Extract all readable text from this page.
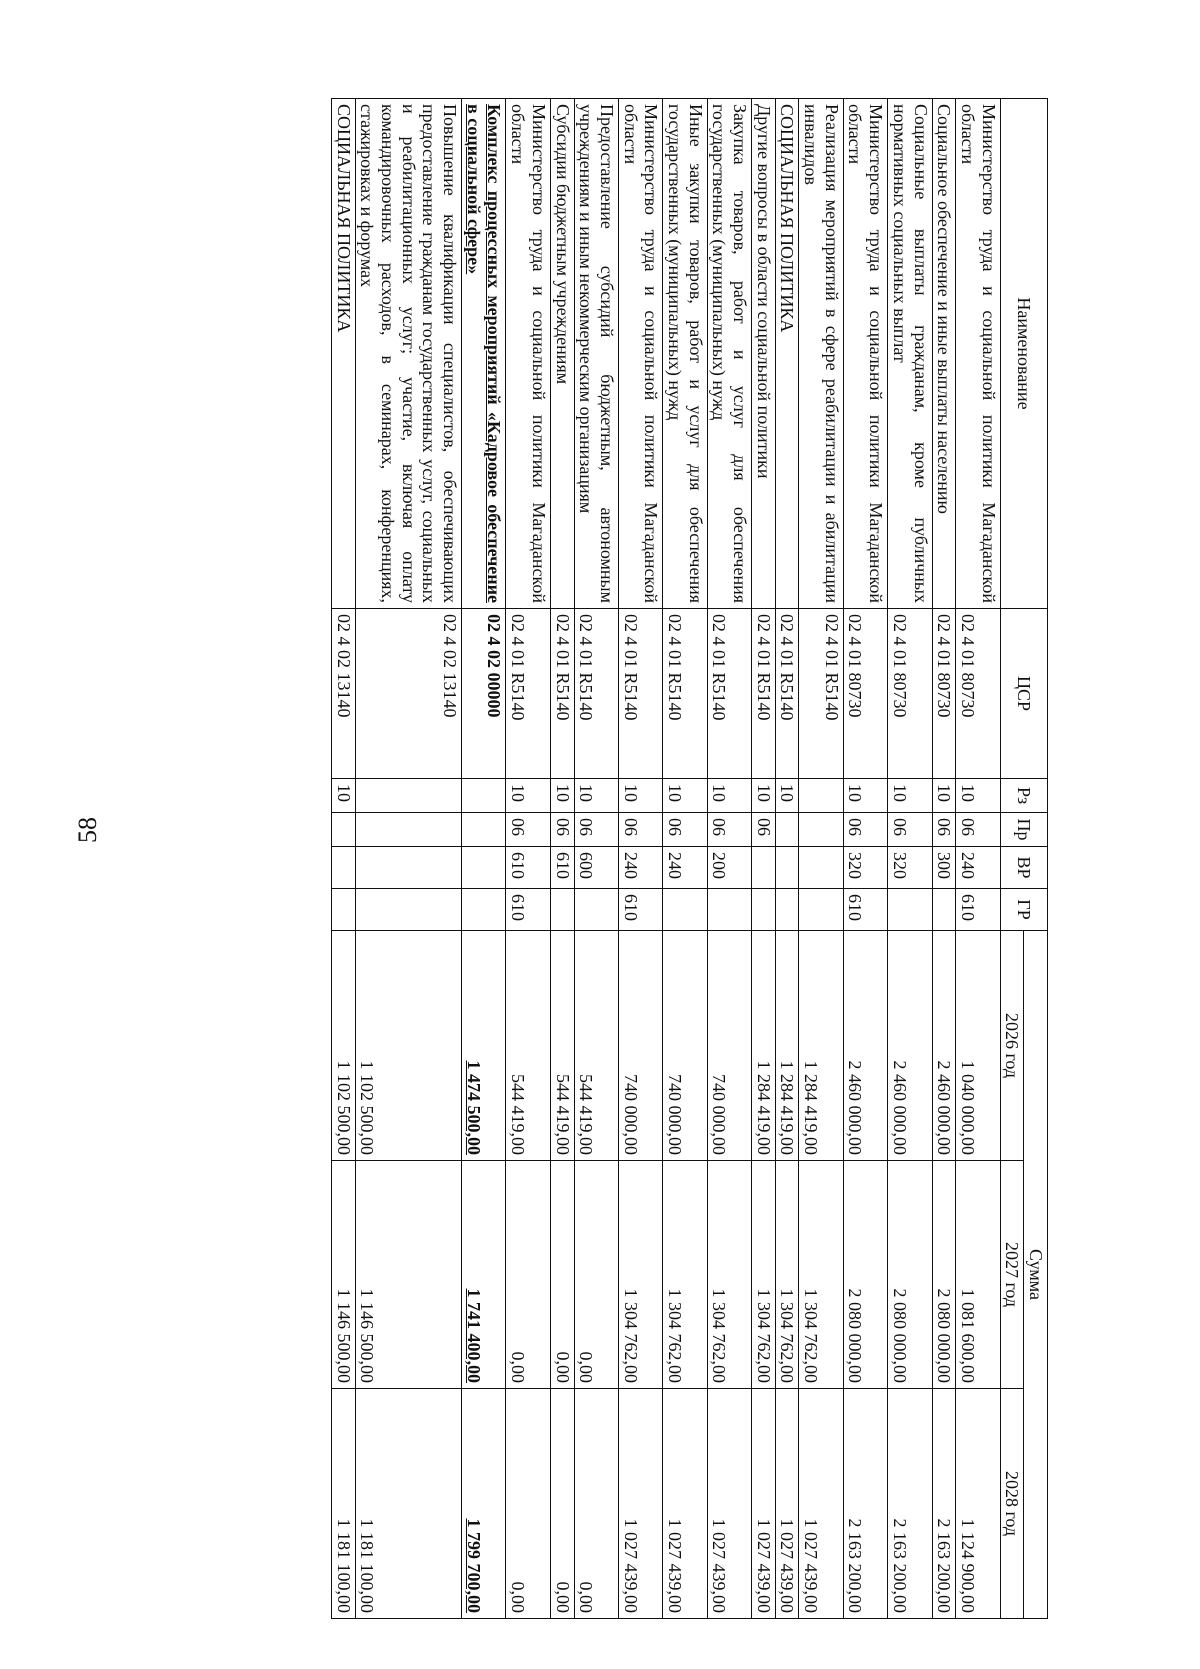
58
Наименование	ЦСР	Рз	Пр	ВР	ГР	Сумма		
						2026 год	2027 год	2028 год
Министерство труда и социальной политики Магаданской области	02 4 01 80730	10	06	240	610	1 040 000,00	1 081 600,00	1 124 900,00
Социальное обеспечение и иные выплаты населению	02 4 01 80730	10	06	300		2 460 000,00	2 080 000,00	2 163 200,00
Социальные выплаты гражданам, кроме публичных нормативных социальных выплат	02 4 01 80730	10	06	320		2 460 000,00	2 080 000,00	2 163 200,00
Министерство труда и социальной политики Магаданской области	02 4 01 80730	10	06	320	610	2 460 000,00	2 080 000,00	2 163 200,00
Реализация мероприятий в сфере реабилитации и абилитации инвалидов	02 4 01 R5140					1 284 419,00	1 304 762,00	1 027 439,00
СОЦИАЛЬНАЯ ПОЛИТИКА	02 4 01 R5140	10				1 284 419,00	1 304 762,00	1 027 439,00
Другие вопросы в области социальной политики	02 4 01 R5140	10	06			1 284 419,00	1 304 762,00	1 027 439,00
Закупка товаров, работ и услуг для обеспечения государственных (муниципальных) нужд	02 4 01 R5140	10	06	200		740 000,00	1 304 762,00	1 027 439,00
Иные закупки товаров, работ и услуг для обеспечения государственных (муниципальных) нужд	02 4 01 R5140	10	06	240		740 000,00	1 304 762,00	1 027 439,00
Министерство труда и социальной политики Магаданской области	02 4 01 R5140	10	06	240	610	740 000,00	1 304 762,00	1 027 439,00
Предоставление субсидий бюджетным, автономным учреждениям и иным некоммерческим организациям	02 4 01 R5140	10	06	600		544 419,00	0,00	0,00
Субсидии бюджетным учреждениям	02 4 01 R5140	10	06	610		544 419,00	0,00	0,00
Министерство труда и социальной политики Магаданской области	02 4 01 R5140	10	06	610	610	544 419,00	0,00	0,00
Комплекс процессных мероприятий «Кадровое обеспечение в социальной сфере»	02 4 02 00000					1 474 500,00	1 741 400,00	1 799 700,00
Повышение квалификации специалистов, обеспечивающих предоставление гражданам государственных услуг, социальных и реабилитационных услуг; участие, включая оплату командировочных расходов, в семинарах, конференциях, стажировках и форумах	02 4 02 13140					1 102 500,00	1 146 500,00	1 181 100,00
СОЦИАЛЬНАЯ ПОЛИТИКА	02 4 02 13140	10				1 102 500,00	1 146 500,00	1 181 100,00
